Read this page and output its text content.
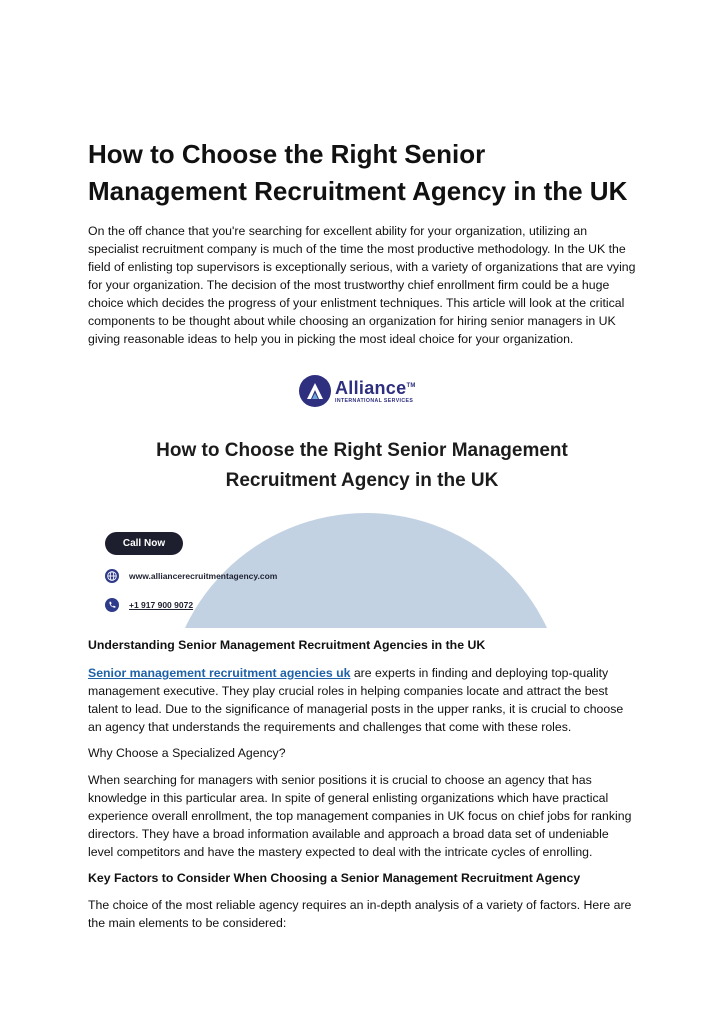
How to Choose the Right Senior Management Recruitment Agency in the UK

On the off chance that you're searching for excellent ability for your organization, utilizing an specialist recruitment company is much of the time the most productive methodology. In the UK the field of enlisting top supervisors is exceptionally serious, with a variety of organizations that are vying for your organization. The decision of the most trustworthy chief enrollment firm could be a huge choice which decides the progress of your enlistment techniques. This article will look at the critical components to be thought about while choosing an organization for hiring senior managers in UK giving reasonable ideas to help you in picking the most ideal choice for your organization.

Alliance™
INTERNATIONAL SERVICES

How to Choose the Right Senior Management Recruitment Agency in the UK

Call Now
www.alliancerecruitmentagency.com
+1 917 900 9072

Understanding Senior Management Recruitment Agencies in the UK

Senior management recruitment agencies uk are experts in finding and deploying top-quality management executive. They play crucial roles in helping companies locate and attract the best talent to lead. Due to the significance of managerial posts in the upper ranks, it is crucial to choose an agency that understands the requirements and challenges that come with these roles.

Why Choose a Specialized Agency?

When searching for managers with senior positions it is crucial to choose an agency that has knowledge in this particular area. In spite of general enlisting organizations which have practical experience overall enrollment, the top management companies in UK focus on chief jobs for ranking directors. They have a broad information available and approach a broad data set of undeniable level competitors and have the mastery expected to deal with the intricate cycles of enrolling.

Key Factors to Consider When Choosing a Senior Management Recruitment Agency

The choice of the most reliable agency requires an in-depth analysis of a variety of factors. Here are the main elements to be considered:
